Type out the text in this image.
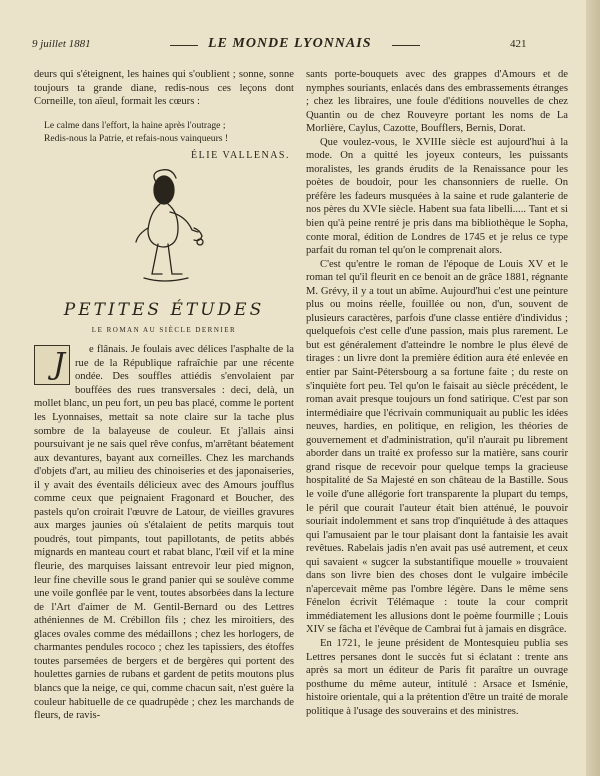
9 juillet 1881	LE MONDE LYONNAIS	421

deurs qui s'éteignent, les haines qui s'oublient ; sonne, sonne toujours ta grande diane, redis-nous ces leçons dont Corneille, ton aïeul, formait les cœurs :

Le calme dans l'effort, la haine après l'outrage ;
Redis-nous la Patrie, et refais-nous vainqueurs !
ÉLIE VALLENAS.
PETITES ÉTUDES
LE ROMAN AU SIÈCLE DERNIER

J	e flânais. Je foulais avec délices l'asphalte de la rue de la République rafraîchie par une récente ondée. Des souffles attiédis s'envolaient par bouffées des rues transversales : deci, delà, un mollet blanc, un peu fort, un peu bas placé, comme le portent les Lyonnaises, mettait sa note claire sur la tache plus sombre de la balayeuse de couleur. Et j'allais ainsi poursuivant je ne sais quel rêve confus, m'arrêtant béatement aux devantures, bayant aux corneilles. Chez les marchands d'objets d'art, au milieu des chinoiseries et des japonaiseries, il y avait des éventails délicieux avec des Amours joufflus comme ceux que peignaient Fragonard et Boucher, des pastels qu'on croirait l'œuvre de Latour, de vieilles gravures aux marges jaunies où s'étalaient de petits marquis tout poudrés, tout pimpants, tout papillotants, de petits abbés mignards en manteau court et rabat blanc, l'œil vif et la mine fleurie, des marquises laissant entrevoir leur pied mignon, leur fine cheville sous le grand panier qui se soulève comme une voile gonflée par le vent, toutes absorbées dans la lecture de l'Art d'aimer de M. Gentil-Bernard ou des Lettres athéniennes de M. Crébillon fils ; chez les miroitiers, des glaces ovales comme des médaillons ; chez les horlogers, de charmantes pendules rococo ; chez les tapissiers, des étoffes toutes parsemées de bergers et de bergères qui portent des houlettes garnies de rubans et gardent de petits moutons plus blancs que la neige, ce qui, comme chacun sait, n'est guère la couleur habituelle de ce quadrupède ; chez les marchands de fleurs, de ravis-

sants porte-bouquets avec des grappes d'Amours et de nymphes souriants, enlacés dans des embrassements étranges ; chez les libraires, une foule d'éditions nouvelles de chez Quantin ou de chez Rouveyre portant les noms de La Morlière, Caylus, Cazotte, Boufflers, Bernis, Dorat.

Que voulez-vous, le XVIIIe siècle est aujourd'hui à la mode. On a quitté les joyeux conteurs, les puissants moralistes, les grands érudits de la Renaissance pour les poètes de boudoir, pour les chansonniers de ruelle. On préfère les fadeurs musquées à la saine et rude galanterie de nos pères du XVIe siècle. Habent sua fata libelli..... Tant et si bien qu'à peine rentré je pris dans ma bibliothèque le Sopha, conte moral, édition de Londres de 1745 et je relus ce type parfait du roman tel qu'on le comprenait alors.

C'est qu'entre le roman de l'époque de Louis XV et le roman tel qu'il fleurit en ce benoit an de grâce 1881, régnante M. Grévy, il y a tout un abîme. Aujourd'hui c'est une peinture plus ou moins réelle, fouillée ou non, d'un, souvent de plusieurs caractères, parfois d'une classe entière d'individus ; quelquefois c'est celle d'une passion, mais plus rarement. Le but est généralement d'atteindre le nombre le plus élevé de tirages : un livre dont la première édition aura été enlevée en entier par Saint-Pétersbourg a sa fortune faite ; du reste on s'inquiète fort peu. Tel qu'on le faisait au siècle précédent, le roman avait presque toujours un fond satirique. C'est par son intermédiaire que l'écrivain communiquait au public les idées neuves, hardies, en politique, en religion, les théories de gouvernement et d'administration, qu'il n'aurait pu librement aborder dans un traité ex professo sur la matière, sans courir grand risque de recevoir pour quelque temps la gracieuse hospitalité de Sa Majesté en son château de la Bastille. Sous le voile d'une allégorie fort transparente la plupart du temps, le péril que courait l'auteur était bien atténué, le pouvoir souriait indolemment et sans trop d'inquiétude à des attaques qui l'amusaient par le tour plaisant dont la fantaisie les avait revêtues. Rabelais jadis n'en avait pas usé autrement, et ceux qui savaient « sugcer la substantifique mouelle » trouvaient dans son livre bien des choses dont le vulgaire imbécile n'apercevait même pas l'ombre légère. Dans le même sens Fénelon écrivit Télémaque : toute la cour comprit immédiatement les allusions dont le poème fourmille ; Louis XIV se fâcha et l'évêque de Cambrai fut à jamais en disgrâce.

En 1721, le jeune président de Montesquieu publia ses Lettres persanes dont le succès fut si éclatant : trente ans après sa mort un éditeur de Paris fit paraître un ouvrage posthume du même auteur, intitulé : Arsace et Isménie, histoire orientale, qui a la prétention d'être un traité de morale politique à l'usage des souverains et des ministres.
